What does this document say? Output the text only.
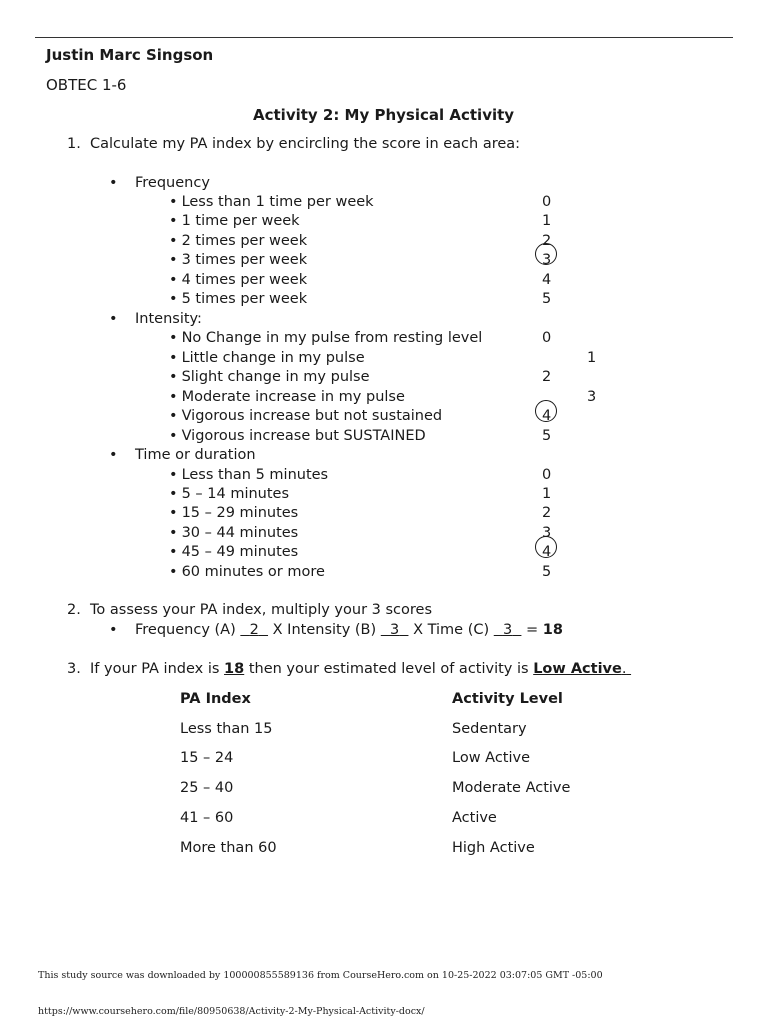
Justin Marc Singson
OBTEC 1-6
Activity 2: My Physical Activity
1. Calculate my PA index by encircling the score in each area:
• Frequency
• Less than 1 time per week	0
• 1 time per week	1
• 2 times per week	2
• 3 times per week	3
• 4 times per week	4
• 5 times per week	5
• Intensity:
• No Change in my pulse from resting level	0
• Little change in my pulse	1
• Slight change in my pulse	2
• Moderate increase in my pulse	3
• Vigorous increase but not sustained	4
• Vigorous increase but SUSTAINED	5
• Time or duration
• Less than 5 minutes	0
• 5 – 14 minutes	1
• 15 – 29 minutes	2
• 30 – 44 minutes	3
• 45 – 49 minutes	4
• 60 minutes or more	5
2. To assess your PA index, multiply your 3 scores
• Frequency (A) 2 X Intensity (B) 3 X Time (C) 3 = 18
3. If your PA index is 18 then your estimated level of activity is Low Active.
PA Index	Activity Level
Less than 15	Sedentary
15 – 24	Low Active
25 – 40	Moderate Active
41 – 60	Active
More than 60	High Active
This study source was downloaded by 100000855589136 from CourseHero.com on 10-25-2022 03:07:05 GMT -05:00
https://www.coursehero.com/file/80950638/Activity-2-My-Physical-Activity-docx/
